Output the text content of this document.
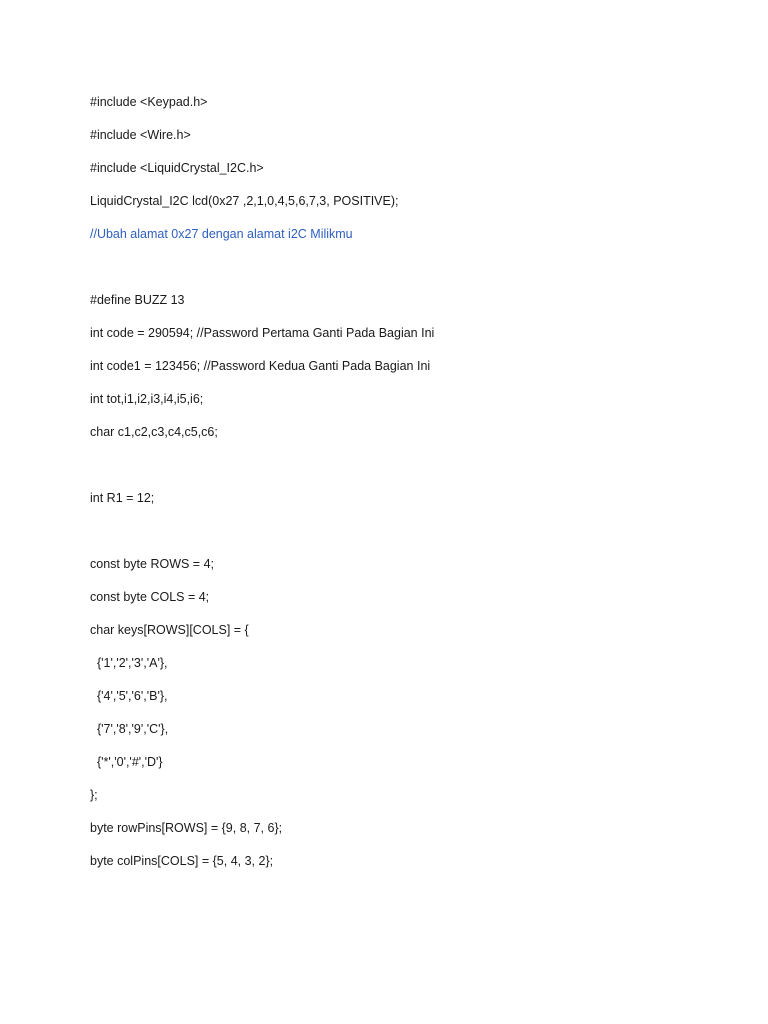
#include <Keypad.h>
#include <Wire.h>
#include <LiquidCrystal_I2C.h>
LiquidCrystal_I2C lcd(0x27 ,2,1,0,4,5,6,7,3, POSITIVE);
//Ubah alamat 0x27 dengan alamat i2C Milikmu
#define BUZZ 13
int code = 290594; //Password Pertama Ganti Pada Bagian Ini
int code1 = 123456; //Password Kedua Ganti Pada Bagian Ini
int tot,i1,i2,i3,i4,i5,i6;
char c1,c2,c3,c4,c5,c6;
int R1 = 12;
const byte ROWS = 4;
const byte COLS = 4;
char keys[ROWS][COLS] = {
{'1','2','3','A'},
{'4','5','6','B'},
{'7','8','9','C'},
{'*','0','#','D'}
};
byte rowPins[ROWS] = {9, 8, 7, 6};
byte colPins[COLS] = {5, 4, 3, 2};
